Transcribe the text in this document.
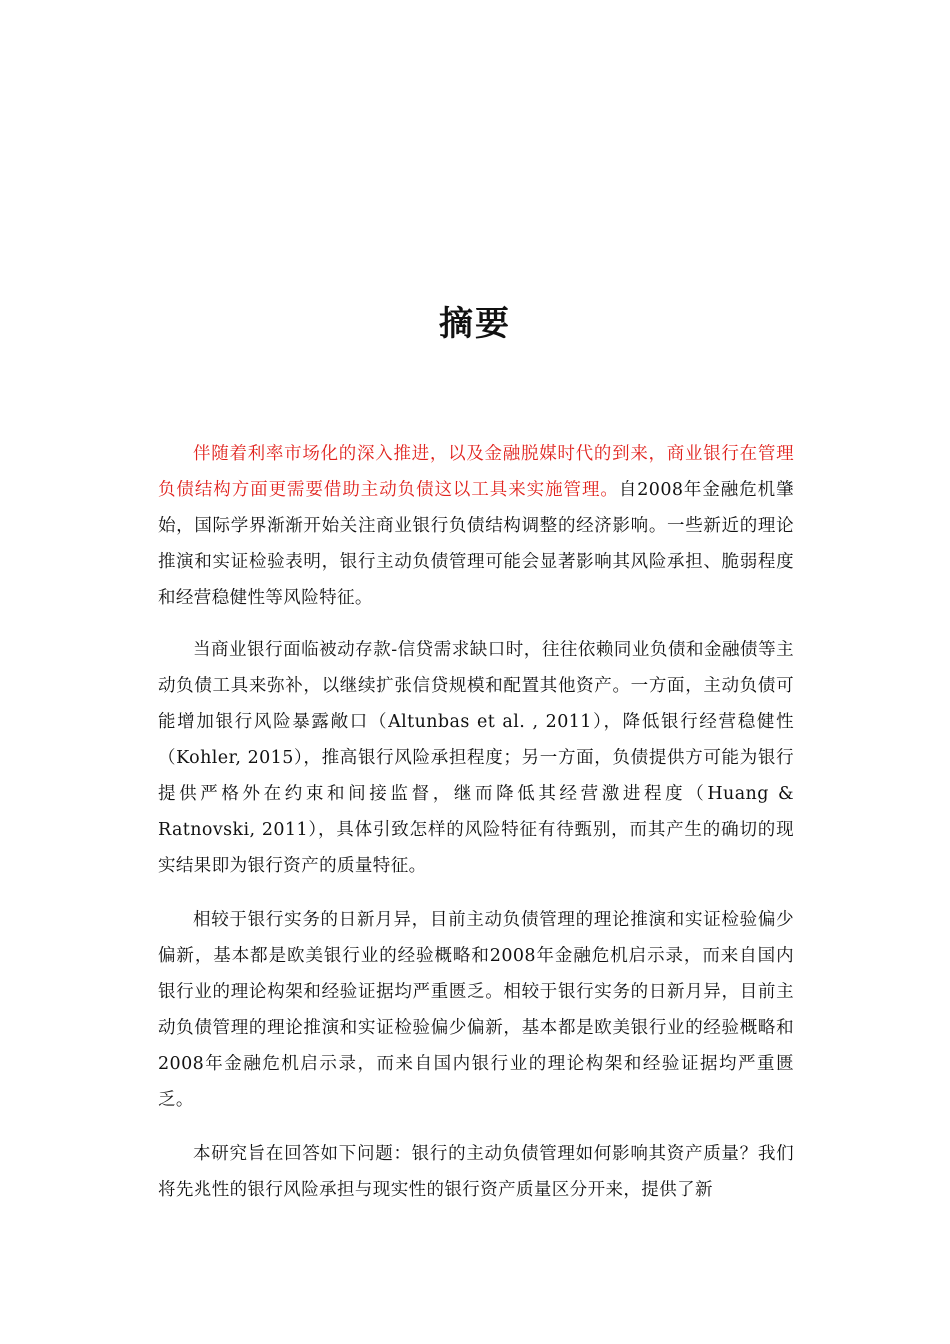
摘要

伴随着利率市场化的深入推进，以及金融脱媒时代的到来，商业银行在管理负债结构方面更需要借助主动负债这以工具来实施管理。自2008年金融危机肇始，国际学界渐渐开始关注商业银行负债结构调整的经济影响。一些新近的理论推演和实证检验表明，银行主动负债管理可能会显著影响其风险承担、脆弱程度和经营稳健性等风险特征。

当商业银行面临被动存款-信贷需求缺口时，往往依赖同业负债和金融债等主动负债工具来弥补，以继续扩张信贷规模和配置其他资产。一方面，主动负债可能增加银行风险暴露敞口（Altunbas et al. , 2011），降低银行经营稳健性（Kohler, 2015），推高银行风险承担程度；另一方面，负债提供方可能为银行提供严格外在约束和间接监督，继而降低其经营激进程度（Huang & Ratnovski, 2011），具体引致怎样的风险特征有待甄别，而其产生的确切的现实结果即为银行资产的质量特征。

相较于银行实务的日新月异，目前主动负债管理的理论推演和实证检验偏少偏新，基本都是欧美银行业的经验概略和2008年金融危机启示录，而来自国内银行业的理论构架和经验证据均严重匮乏。相较于银行实务的日新月异，目前主动负债管理的理论推演和实证检验偏少偏新，基本都是欧美银行业的经验概略和2008年金融危机启示录，而来自国内银行业的理论构架和经验证据均严重匮乏。

本研究旨在回答如下问题：银行的主动负债管理如何影响其资产质量？我们将先兆性的银行风险承担与现实性的银行资产质量区分开来，提供了新
